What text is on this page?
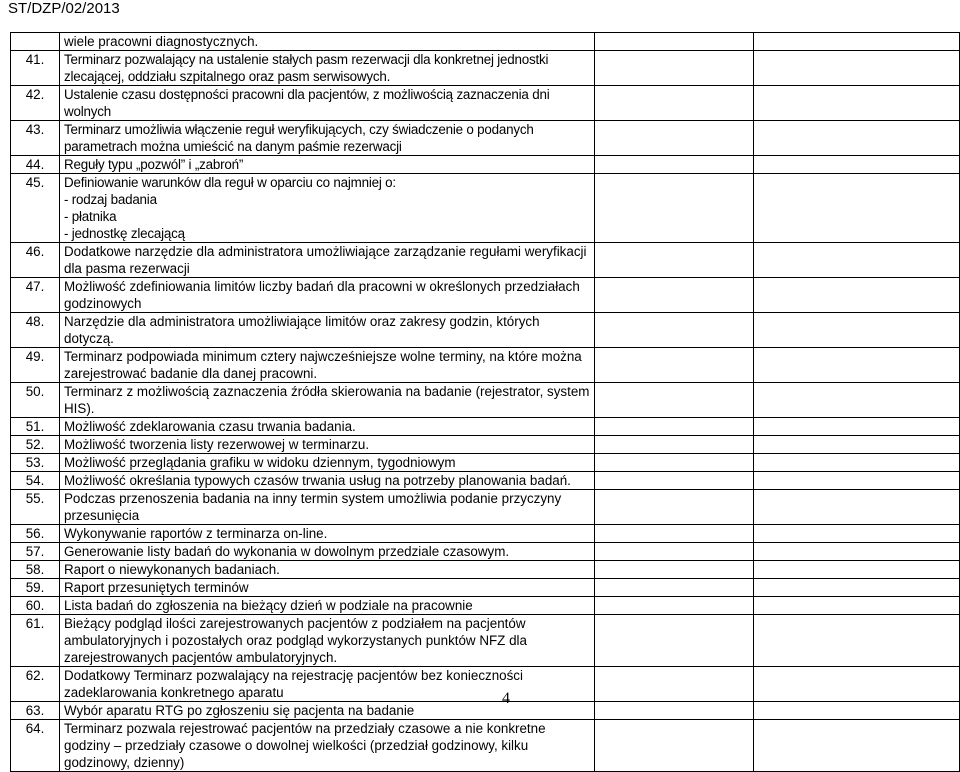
ST/DZP/02/2013
	wiele pracowni diagnostycznych.		
41.	Terminarz pozwalający na ustalenie stałych pasm rezerwacji dla konkretnej jednostki zlecającej, oddziału szpitalnego oraz pasm serwisowych.		
42.	Ustalenie czasu dostępności pracowni dla pacjentów, z możliwością zaznaczenia dni wolnych		
43.	Terminarz umożliwia włączenie reguł weryfikujących, czy świadczenie o podanych parametrach można umieścić na danym paśmie rezerwacji		
44.	Reguły typu „pozwól” i „zabroń”		
45.	Definiowanie warunków dla reguł w oparciu co najmniej o:
- rodzaj badania
- płatnika
- jednostkę zlecającą		
46.	Dodatkowe narzędzie dla administratora umożliwiające zarządzanie regułami weryfikacji dla pasma rezerwacji		
47.	Możliwość zdefiniowania limitów liczby badań dla pracowni w określonych przedziałach godzinowych		
48.	Narzędzie dla administratora umożliwiające limitów oraz zakresy godzin, których dotyczą.		
49.	Terminarz podpowiada minimum cztery najwcześniejsze wolne terminy, na które można zarejestrować badanie dla danej pracowni.		
50.	Terminarz z możliwością zaznaczenia źródła skierowania na badanie (rejestrator, system HIS).		
51.	Możliwość zdeklarowania czasu trwania badania.		
52.	Możliwość tworzenia listy rezerwowej w terminarzu.		
53.	Możliwość przeglądania grafiku w widoku dziennym, tygodniowym		
54.	Możliwość określania typowych czasów trwania usług na potrzeby planowania badań.		
55.	Podczas przenoszenia badania na inny termin system umożliwia podanie przyczyny przesunięcia		
56.	Wykonywanie raportów z terminarza on-line.		
57.	Generowanie listy badań do wykonania w dowolnym przedziale czasowym.		
58.	Raport o niewykonanych badaniach.		
59.	Raport przesuniętych terminów		
60.	Lista badań do zgłoszenia na bieżący dzień w podziale na pracownie		
61.	Bieżący podgląd ilości zarejestrowanych pacjentów z podziałem na pacjentów ambulatoryjnych i pozostałych oraz podgląd wykorzystanych punktów NFZ dla zarejestrowanych pacjentów ambulatoryjnych.		
62.	Dodatkowy Terminarz pozwalający na rejestrację pacjentów bez konieczności zadeklarowania konkretnego aparatu		
63.	Wybór aparatu RTG po zgłoszeniu się pacjenta na badanie		
64.	Terminarz pozwala rejestrować pacjentów na przedziały czasowe a nie konkretne godziny – przedziały czasowe o dowolnej wielkości (przedział godzinowy, kilku godzinowy, dzienny)		
4
